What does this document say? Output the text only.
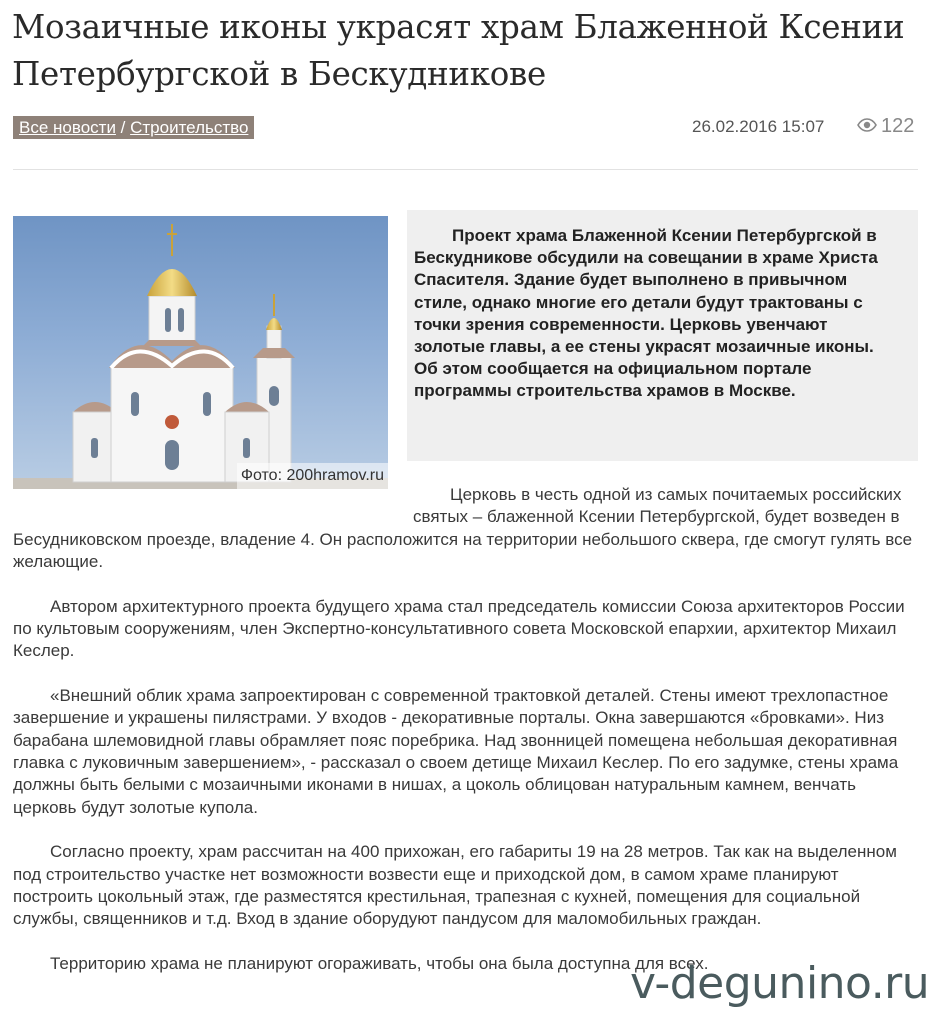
Мозаичные иконы украсят храм Блаженной Ксении Петербургской в Бескудникове
Все новости / Строительство	26.02.2016 15:07	122
Фото: 200hramov.ru
Проект храма Блаженной Ксении Петербургской в Бескудникове обсудили на совещании в храме Христа Спасителя. Здание будет выполнено в привычном стиле, однако многие его детали будут трактованы с точки зрения современности. Церковь увенчают золотые главы, а ее стены украсят мозаичные иконы. Об этом сообщается на официальном портале программы строительства храмов в Москве.

Церковь в честь одной из самых почитаемых российских святых – блаженной Ксении Петербургской, будет возведен в Бесудниковском проезде, владение 4. Он расположится на территории небольшого сквера, где смогут гулять все желающие.

Автором архитектурного проекта будущего храма стал председатель комиссии Союза архитекторов России по культовым сооружениям, член Экспертно-консультативного совета Московской епархии, архитектор Михаил Кеслер.

«Внешний облик храма запроектирован с современной трактовкой деталей. Стены имеют трехлопастное завершение и украшены пилястрами. У входов - декоративные порталы. Окна завершаются «бровками». Низ барабана шлемовидной главы обрамляет пояс поребрика. Над звонницей помещена небольшая декоративная главка с луковичным завершением», - рассказал о своем детище Михаил Кеслер. По его задумке, стены храма должны быть белыми с мозаичными иконами в нишах, а цоколь облицован натуральным камнем, венчать церковь будут золотые купола.

Согласно проекту, храм рассчитан на 400 прихожан, его габариты 19 на 28 метров. Так как на выделенном под строительство участке нет возможности возвести еще и приходской дом, в самом храме планируют построить цокольный этаж, где разместятся крестильная, трапезная с кухней, помещения для социальной службы, священников и т.д. Вход в здание оборудуют пандусом для маломобильных граждан.

Территорию храма не планируют огораживать, чтобы она была доступна для всех.

v-degunino.ru
